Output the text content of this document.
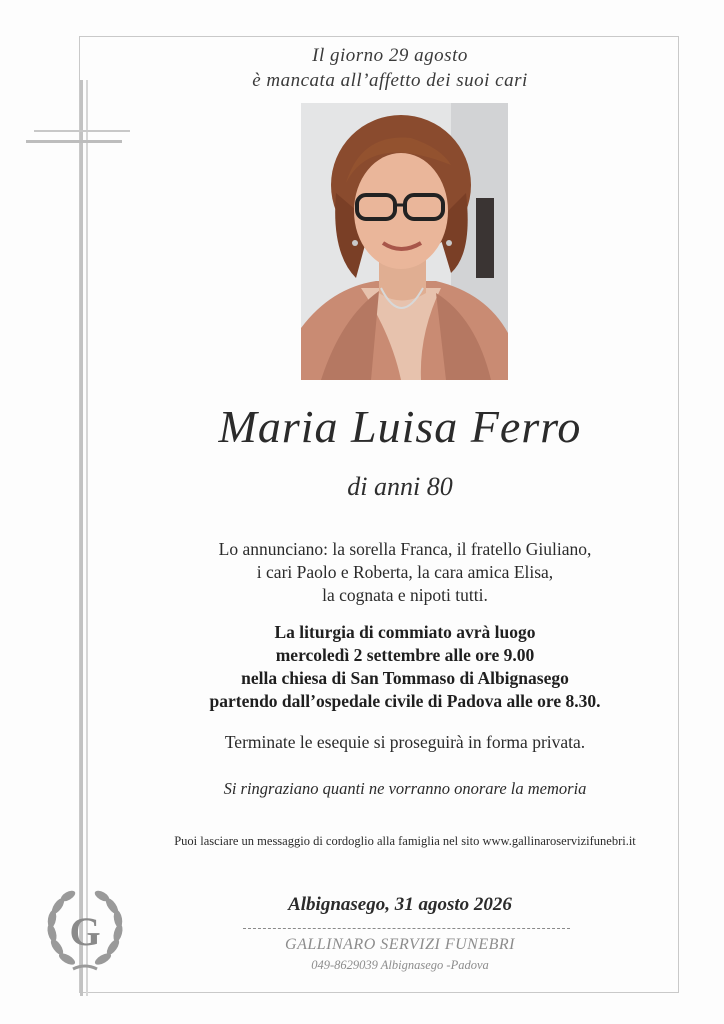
Il giorno 29 agosto
è mancata all’affetto dei suoi cari
Maria Luisa Ferro
di anni 80
Lo annunciano: la sorella Franca, il fratello Giuliano,
i cari Paolo e Roberta, la cara amica Elisa,
la cognata e nipoti tutti.
La liturgia di commiato avrà luogo
mercoledì 2 settembre alle ore 9.00
nella chiesa di San Tommaso di Albignasego
partendo dall’ospedale civile di Padova alle ore 8.30.
Terminate le esequie si proseguirà in forma privata.
Si ringraziano quanti ne vorranno onorare la memoria
Puoi lasciare un messaggio di cordoglio alla famiglia nel sito www.gallinaroservizifunebri.it
Albignasego, 31 agosto 2026
GALLINARO SERVIZI FUNEBRI
049-8629039 Albignasego -Padova
G
